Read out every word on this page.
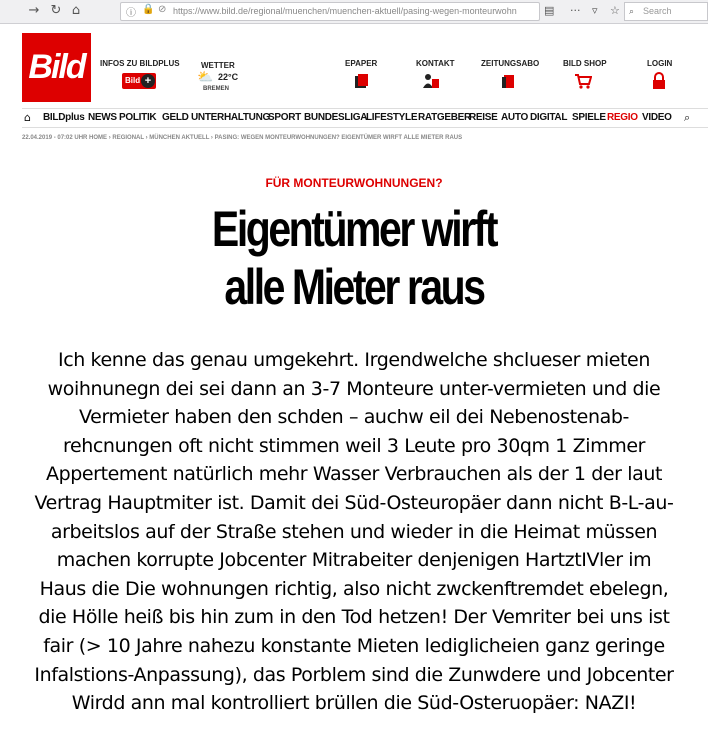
→ ↻ ⌂	ⓘ 🔒 ⊘ https://www.bild.de/regional/muenchen/muenchen-aktuell/pasing-wegen-monteurwohn	▤ ··· ▿ ☆ ⌕ Search
Bild	INFOS ZU BILDPLUS
Bild +
WETTER
⛅ 22°C
BREMEN
EPAPER	KONTAKT	ZEITUNGSABO	BILD SHOP	LOGIN
⌂ BILDplus NEWS POLITIK GELD UNTERHALTUNG
SPORT BUNDESLIGA
LIFESTYLE RATGEBER
REISE AUTO DIGITAL SPIELE REGIO VIDEO ⌕
22.04.2019 - 07:02 UHR HOME › REGIONAL › MÜNCHEN AKTUELL › PASING: WEGEN MONTEURWOHNUNGEN? EIGENTÜMER WIRFT ALLE MIETER RAUS
FÜR MONTEURWOHNUNGEN?
Eigentümer wirft
alle Mieter raus
Ich kenne das genau umgekehrt. Irgendwelche shclueser mieten
woihnunegn dei sei dann an 3-7 Monteure unter-vermieten und die
Vermieter haben den schden – auchw eil dei Nebenostenab-
rehcnungen oft nicht stimmen weil 3 Leute pro 30qm 1 Zimmer
Appertement natürlich mehr Wasser Verbrauchen als der 1 der laut
Vertrag Hauptmiter ist. Damit dei Süd-Osteuropäer dann nicht B-L-au-
arbeitslos auf der Straße stehen und wieder in die Heimat müssen
machen korrupte Jobcenter Mitrabeiter denjenigen HartztIVler im
Haus die Die wohnungen richtig, also nicht zwckenftremdet ebelegn,
die Hölle heiß bis hin zum in den Tod hetzen! Der Vemriter bei uns ist
fair (> 10 Jahre nahezu konstante Mieten lediglicheien ganz geringe
Infalstions-Anpassung), das Porblem sind die Zunwdere und Jobcenter
Wirdd ann mal kontrolliert brüllen die Süd-Osteruopäer: NAZI!
